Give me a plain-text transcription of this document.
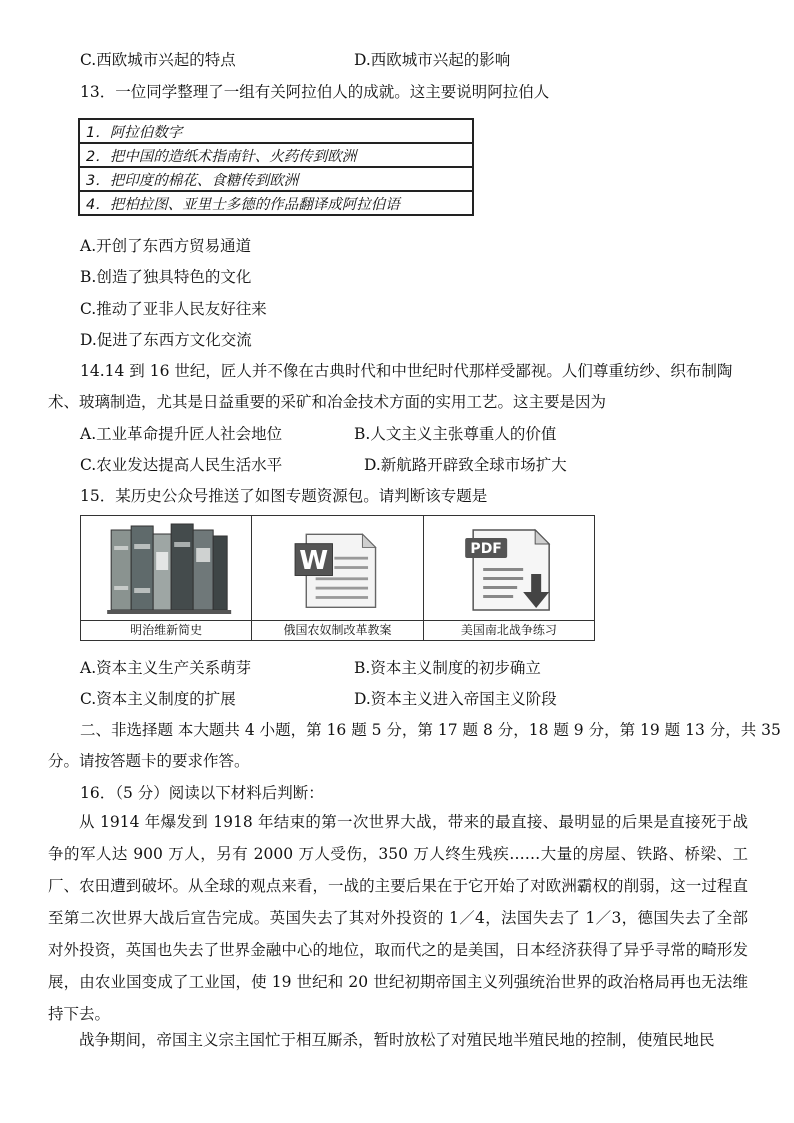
C.西欧城市兴起的特点	D.西欧城市兴起的影响
13．一位同学整理了一组有关阿拉伯人的成就。这主要说明阿拉伯人
1．阿拉伯数字
2．把中国的造纸术指南针、火药传到欧洲
3．把印度的棉花、食糖传到欧洲
4．把柏拉图、亚里士多德的作品翻译成阿拉伯语
A.开创了东西方贸易通道
B.创造了独具特色的文化
C.推动了亚非人民友好往来
D.促进了东西方文化交流
14.14 到 16 世纪，匠人并不像在古典时代和中世纪时代那样受鄙视。人们尊重纺纱、织布制陶
术、玻璃制造，尤其是日益重要的采矿和冶金技术方面的实用工艺。这主要是因为
A.工业革命提升匠人社会地位	B.人文主义主张尊重人的价值
C.农业发达提高人民生活水平	D.新航路开辟致全球市场扩大
15．某历史公众号推送了如图专题资源包。请判断该专题是
明治维新简史
W
俄国农奴制改革教案
PDF
美国南北战争练习
A.资本主义生产关系萌芽	B.资本主义制度的初步确立
C.资本主义制度的扩展	D.资本主义进入帝国主义阶段
二、非选择题 本大题共 4 小题，第 16 题 5 分，第 17 题 8 分，18 题 9 分，第 19 题 13 分，共 35
分。请按答题卡的要求作答。
16．（5 分）阅读以下材料后判断：

从 1914 年爆发到 1918 年结束的第一次世界大战，带来的最直接、最明显的后果是直接死于战争的军人达 900 万人，另有 2000 万人受伤，350 万人终生残疾……大量的房屋、铁路、桥梁、工厂、农田遭到破坏。从全球的观点来看，一战的主要后果在于它开始了对欧洲霸权的削弱，这一过程直至第二次世界大战后宣告完成。英国失去了其对外投资的 1／4，法国失去了 1／3，德国失去了全部对外投资，英国也失去了世界金融中心的地位，取而代之的是美国，日本经济获得了异乎寻常的畸形发展，由农业国变成了工业国，使 19 世纪和 20 世纪初期帝国主义列强统治世界的政治格局再也无法维持下去。

战争期间，帝国主义宗主国忙于相互厮杀，暂时放松了对殖民地半殖民地的控制，使殖民地民
